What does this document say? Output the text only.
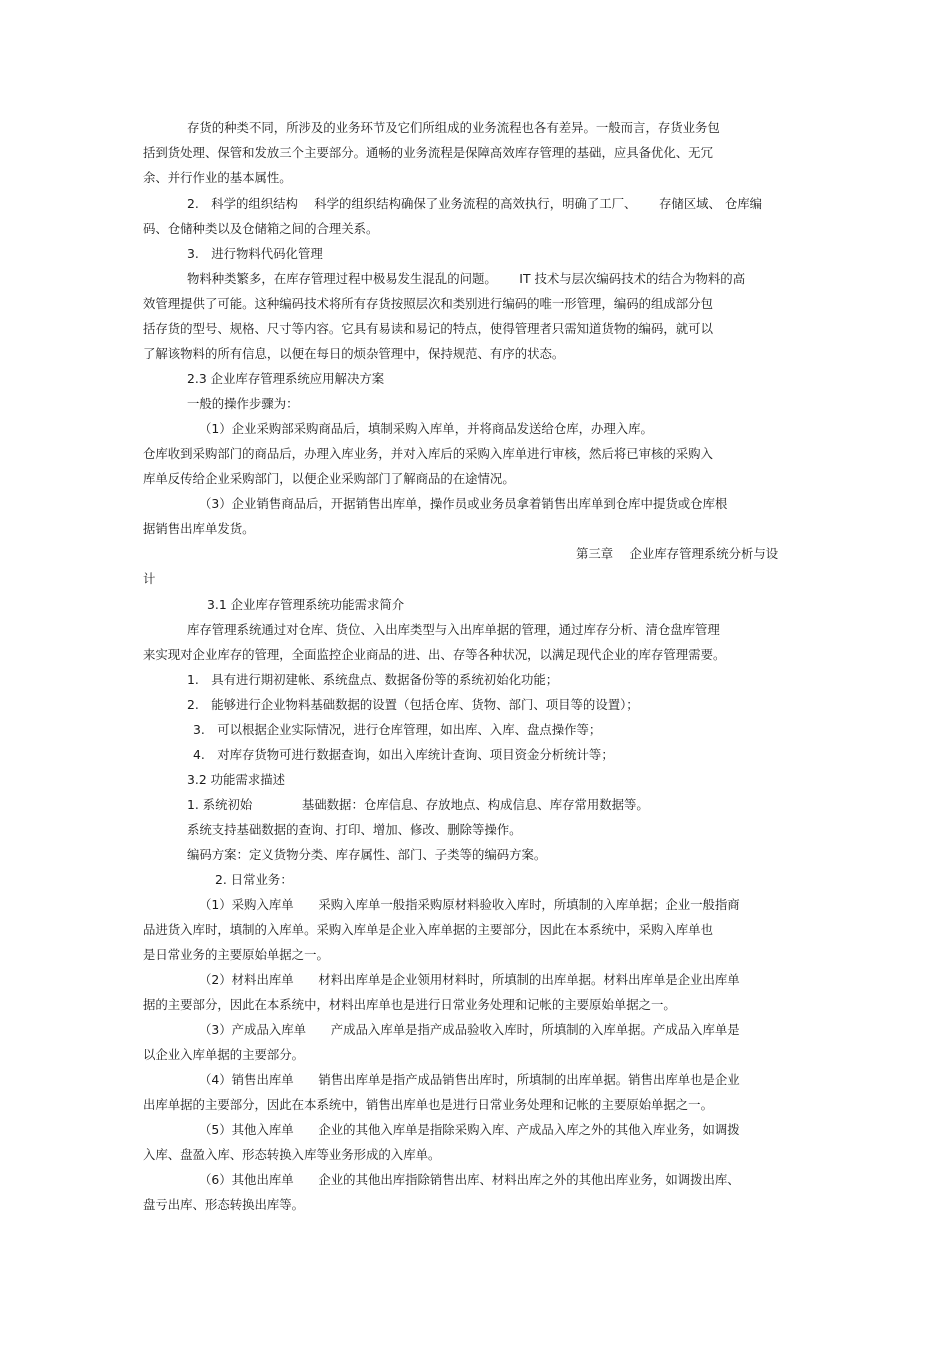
存货的种类不同，所涉及的业务环节及它们所组成的业务流程也各有差异。一般而言，存货业务包
括到货处理、保管和发放三个主要部分。通畅的业务流程是保障高效库存管理的基础，应具备优化、无冗
余、并行作业的基本属性。
2.　科学的组织结构　 科学的组织结构确保了业务流程的高效执行，明确了工厂、　　 存储区域、 仓库编
码、仓储种类以及仓储箱之间的合理关系。
3.　进行物料代码化管理
物料种类繁多，在库存管理过程中极易发生混乱的问题。　　 IT 技术与层次编码技术的结合为物料的高
效管理提供了可能。这种编码技术将所有存货按照层次和类别进行编码的唯一形管理，编码的组成部分包
括存货的型号、规格、尺寸等内容。它具有易读和易记的特点，使得管理者只需知道货物的编码，就可以
了解该物料的所有信息，以便在每日的烦杂管理中，保持规范、有序的状态。
2.3 企业库存管理系统应用解决方案
一般的操作步骤为：
（1）企业采购部采购商品后，填制采购入库单，并将商品发送给仓库，办理入库。
仓库收到采购部门的商品后，办理入库业务，并对入库后的采购入库单进行审核，然后将已审核的采购入
库单反传给企业采购部门，以便企业采购部门了解商品的在途情况。
（3）企业销售商品后，开据销售出库单，操作员或业务员拿着销售出库单到仓库中提货或仓库根
据销售出库单发货。
第三章　 企业库存管理系统分析与设
计
3.1 企业库存管理系统功能需求简介
库存管理系统通过对仓库、货位、入出库类型与入出库单据的管理，通过库存分析、清仓盘库管理
来实现对企业库存的管理，全面监控企业商品的进、出、存等各种状况，以满足现代企业的库存管理需要。
1.　具有进行期初建帐、系统盘点、数据备份等的系统初始化功能；
2.　能够进行企业物料基础数据的设置（包括仓库、货物、部门、项目等的设置）；
3.　可以根据企业实际情况，进行仓库管理，如出库、入库、盘点操作等；
4.　对库存货物可进行数据查询，如出入库统计查询、项目资金分析统计等；
3.2 功能需求描述
1. 系统初始　　　　基础数据：仓库信息、存放地点、构成信息、库存常用数据等。
系统支持基础数据的查询、打印、增加、修改、删除等操作。
编码方案：定义货物分类、库存属性、部门、子类等的编码方案。
2. 日常业务：
（1）采购入库单　　采购入库单一般指采购原材料验收入库时，所填制的入库单据；企业一般指商
品进货入库时，填制的入库单。采购入库单是企业入库单据的主要部分，因此在本系统中，采购入库单也
是日常业务的主要原始单据之一。
（2）材料出库单　　材料出库单是企业领用材料时，所填制的出库单据。材料出库单是企业出库单
据的主要部分，因此在本系统中，材料出库单也是进行日常业务处理和记帐的主要原始单据之一。
（3）产成品入库单　　产成品入库单是指产成品验收入库时，所填制的入库单据。产成品入库单是
以企业入库单据的主要部分。
（4）销售出库单　　销售出库单是指产成品销售出库时，所填制的出库单据。销售出库单也是企业
出库单据的主要部分，因此在本系统中，销售出库单也是进行日常业务处理和记帐的主要原始单据之一。
（5）其他入库单　　企业的其他入库单是指除采购入库、产成品入库之外的其他入库业务，如调拨
入库、盘盈入库、形态转换入库等业务形成的入库单。
（6）其他出库单　　企业的其他出库指除销售出库、材料出库之外的其他出库业务，如调拨出库、
盘亏出库、形态转换出库等。
